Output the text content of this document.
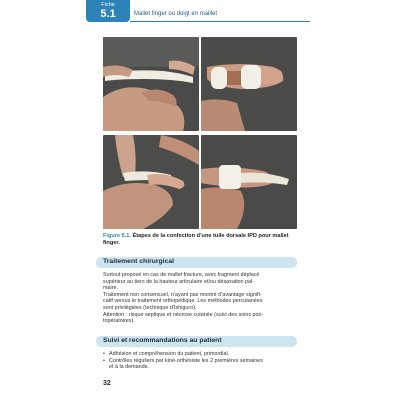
Fiche
5.1	Mallet finger ou doigt en maillet
Figure 5.1. Étapes de la confection d’une tuile dorsale IPD pour mallet finger.
Traitement chirurgical

Surtout proposé en cas de mallet fracture, avec fragment déplacé

supérieur au tiers de la hauteur articulaire et/ou désaxation pal-

maire.

Traitement non consensuel, n’ayant pas montré d’avantage signifi-

catif versus le traitement orthopédique. Les méthodes percutanées

sont privilégiées (technique d’Ishiguro).

Attention : risque septique et nécrose cutanée (suivi des soins pos-

topératoires).

Suivi et recommandations au patient
• Adhésion et compréhension du patient, primordial.
• Contrôles réguliers par kiné-orthésiste les 2 premières semaines
et à la demande.
32
